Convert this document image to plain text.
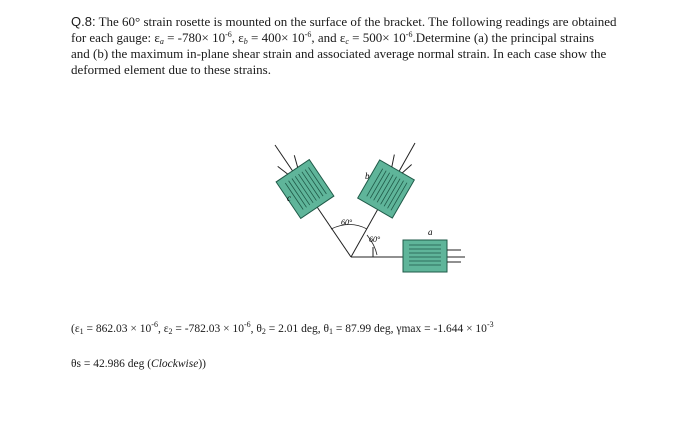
Q.8: The 60° strain rosette is mounted on the surface of the bracket. The following readings are obtained
for each gauge: $\varepsilon_a = -780\times 10^{-6}$, $\varepsilon_b = 400\times 10^{-6}$, and $\varepsilon_c = 500\times$ $10^{-6}.Determine$ (a) the principal strains
and (b) the maximum in-plane shear strain and associated average normal strain. In each case show the
deformed element due to these strains.
a
b
c
60°
60°
($\varepsilon_1 = 862.03 \times 10^{-6}$, $\varepsilon_2 = -782.03 \times 10^{-6}$, $\theta_2 = 2.01$ deg, $\theta_1 = 87.99$ deg, $\gamma\max = -1.644 \times 10^{-3}$
θs = 42.986 deg (Clockwise))
